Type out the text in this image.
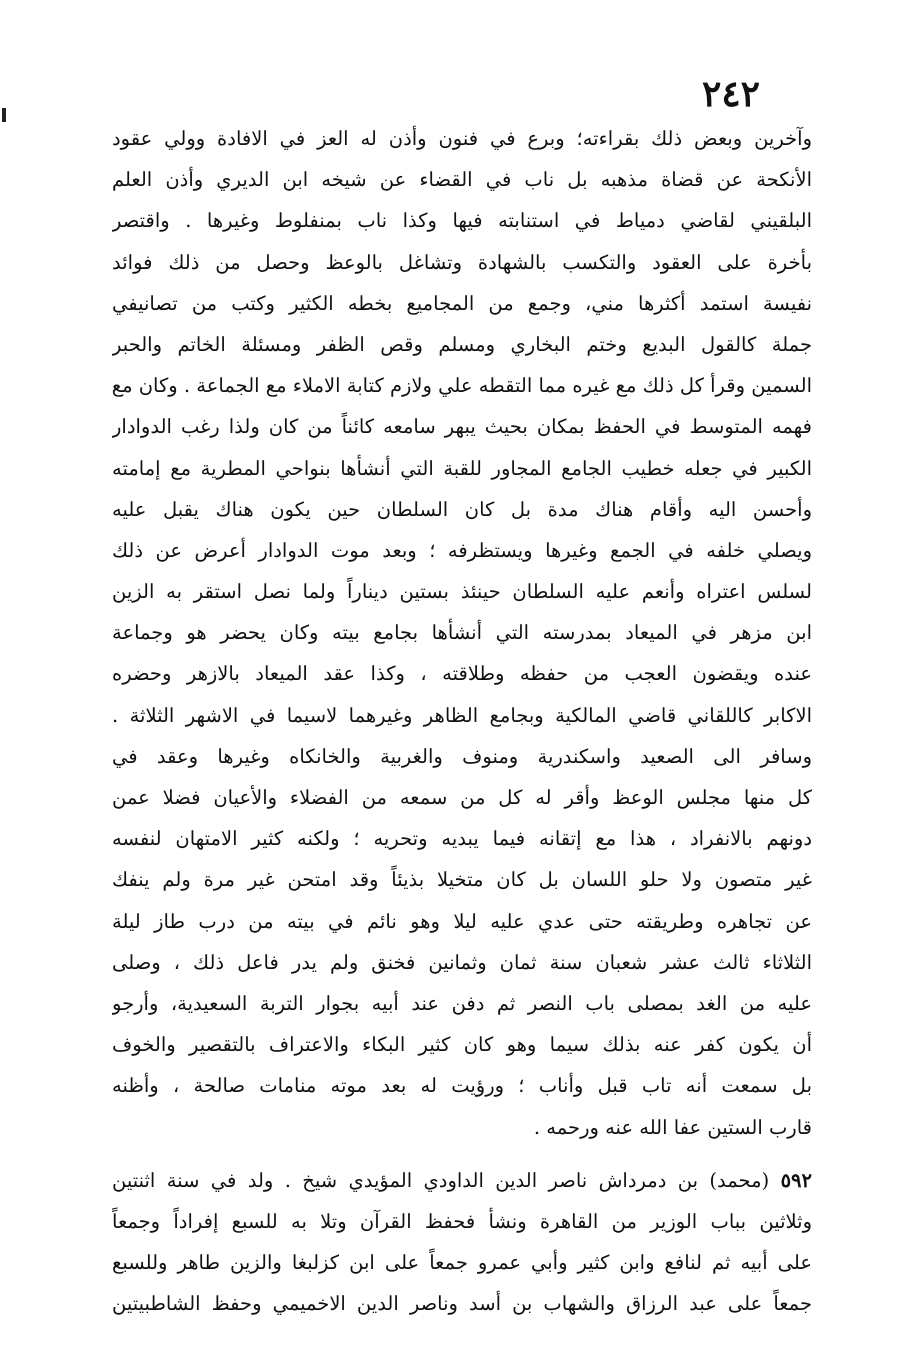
٢٤٢
وآخرين وبعض ذلك بقراءته؛ وبرع في فنون وأذن له العز في الافادة وولي عقود
الأنكحة عن قضاة مذهبه بل ناب في القضاء عن شيخه ابن الديري وأذن العلم
البلقيني لقاضي دمياط في استنابته فيها وكذا ناب بمنفلوط وغيرها . واقتصر
بأخرة على العقود والتكسب بالشهادة وتشاغل بالوعظ وحصل من ذلك فوائد
نفيسة استمد أكثرها مني، وجمع من المجاميع بخطه الكثير وكتب من تصانيفي
جملة كالقول البديع وختم البخاري ومسلم وقص الظفر ومسئلة الخاتم والحبر
السمين وقرأ كل ذلك مع غيره مما التقطه علي ولازم كتابة الاملاء مع الجماعة . وكان مع
فهمه المتوسط في الحفظ بمكان بحيث يبهر سامعه كائناً من كان ولذا رغب الدوادار
الكبير في جعله خطيب الجامع المجاور للقبة التي أنشأها بنواحي المطرية مع إمامته
وأحسن اليه وأقام هناك مدة بل كان السلطان حين يكون هناك يقبل عليه
ويصلي خلفه في الجمع وغيرها ويستظرفه ؛ وبعد موت الدوادار أعرض عن ذلك
لسلس اعتراه وأنعم عليه السلطان حينئذ بستين ديناراً ولما نصل استقر به الزين
ابن مزهر في الميعاد بمدرسته التي أنشأها بجامع بيته وكان يحضر هو وجماعة
عنده ويقضون العجب من حفظه وطلاقته ، وكذا عقد الميعاد بالازهر وحضره
الاكابر كاللقاني قاضي المالكية وبجامع الظاهر وغيرهما لاسيما في الاشهر الثلاثة .
وسافر الى الصعيد واسكندرية ومنوف والغربية والخانكاه وغيرها وعقد في
كل منها مجلس الوعظ وأقر له كل من سمعه من الفضلاء والأعيان فضلا عمن
دونهم بالانفراد ، هذا مع إتقانه فيما يبديه وتحريه ؛ ولكنه كثير الامتهان لنفسه
غير متصون ولا حلو اللسان بل كان متخيلا بذيئاً وقد امتحن غير مرة ولم ينفك
عن تجاهره وطريقته حتى عدي عليه ليلا وهو نائم في بيته من درب طاز ليلة
الثلاثاء ثالث عشر شعبان سنة ثمان وثمانين فخنق ولم يدر فاعل ذلك ، وصلى
عليه من الغد بمصلى باب النصر ثم دفن عند أبيه بجوار التربة السعيدية، وأرجو
أن يكون كفر عنه بذلك سيما وهو كان كثير البكاء والاعتراف بالتقصير والخوف
بل سمعت أنه تاب قبل وأناب ؛ ورؤيت له بعد موته منامات صالحة ، وأظنه
قارب الستين عفا الله عنه ورحمه .
٥٩٢ (محمد) بن دمرداش ناصر الدين الداودي المؤيدي شيخ . ولد في سنة اثنتين
وثلاثين بباب الوزير من القاهرة ونشأ فحفظ القرآن وتلا به للسبع إفراداً وجمعاً
على أبيه ثم لنافع وابن كثير وأبي عمرو جمعاً على ابن كزلبغا والزين طاهر وللسبع
جمعاً على عبد الرزاق والشهاب بن أسد وناصر الدين الاخميمي وحفظ الشاطبيتين
